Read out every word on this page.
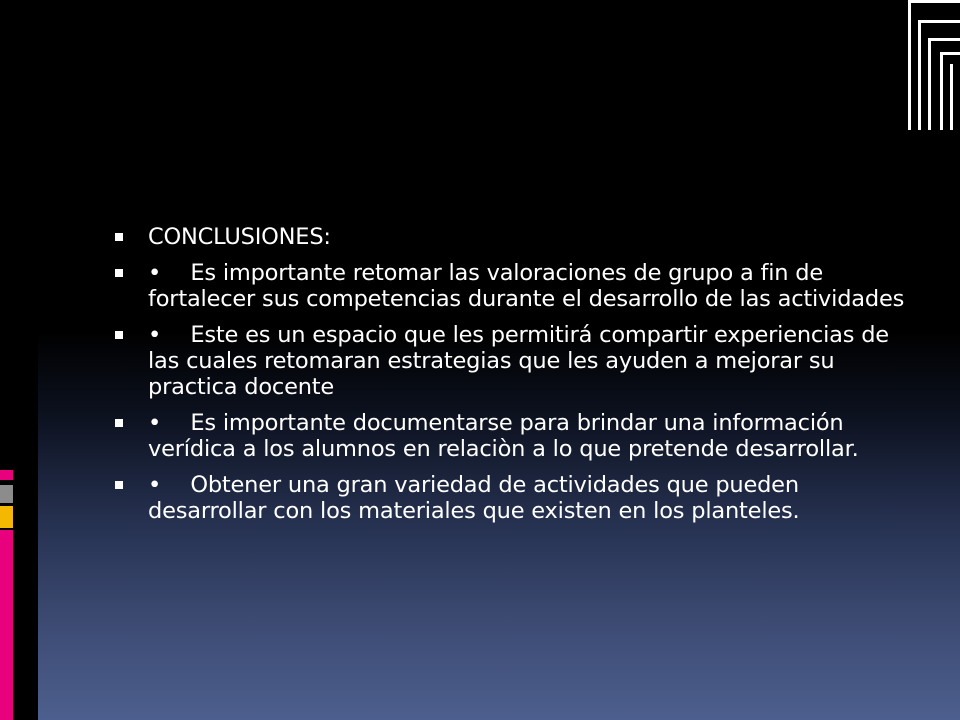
CONCLUSIONES:
•  Es importante retomar las valoraciones de grupo a fin de fortalecer sus competencias durante el desarrollo de las actividades
•  Este es un espacio que les permitirá compartir experiencias de las cuales retomaran estrategias que les ayuden a mejorar su practica docente
•  Es importante documentarse para brindar una información verídica a los alumnos en relaciòn a lo que pretende desarrollar.
•  Obtener una gran variedad de actividades que pueden desarrollar con los materiales que existen en los planteles.
